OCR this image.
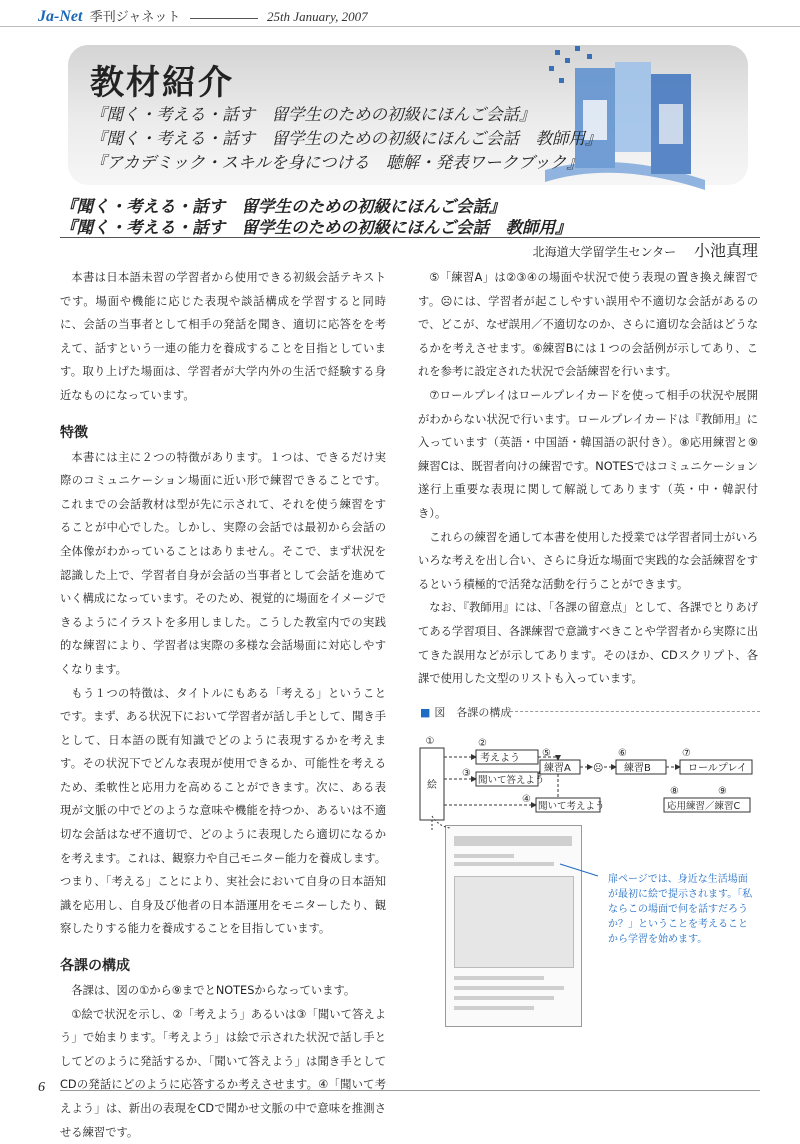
Ja-Net 季刊ジャネット	25th January, 2007
教材紹介
『聞く・考える・話す　留学生のための初級にほんご会話』
『聞く・考える・話す　留学生のための初級にほんご会話　教師用』
『アカデミック・スキルを身につける　聴解・発表ワークブック』
『聞く・考える・話す　留学生のための初級にほんご会話』
『聞く・考える・話す　留学生のための初級にほんご会話　教師用』
北海道大学留学生センター 小池真理

本書は日本語未習の学習者から使用できる初級会話テキストです。場面や機能に応じた表現や談話構成を学習すると同時に、会話の当事者として相手の発話を聞き、適切に応答をを考えて、話すという一連の能力を養成することを目指としています。取り上げた場面は、学習者が大学内外の生活で経験する身近なものになっています。

特徴

本書には主に２つの特徴があります。１つは、できるだけ実際のコミュニケーション場面に近い形で練習できることです。これまでの会話教材は型が先に示されて、それを使う練習をすることが中心でした。しかし、実際の会話では最初から会話の全体像がわかっていることはありません。そこで、まず状況を認識した上で、学習者自身が会話の当事者として会話を進めていく構成になっています。そのため、視覚的に場面をイメージできるようにイラストを多用しました。こうした教室内での実践的な練習により、学習者は実際の多様な会話場面に対応しやすくなります。

もう１つの特徴は、タイトルにもある「考える」ということです。まず、ある状況下において学習者が話し手として、聞き手として、日本語の既有知識でどのように表現するかを考えます。その状況下でどんな表現が使用できるか、可能性を考えるため、柔軟性と応用力を高めることができます。次に、ある表現が文脈の中でどのような意味や機能を持つか、あるいは不適切な会話はなぜ不適切で、どのように表現したら適切になるかを考えます。これは、観察力や自己モニター能力を養成します。つまり、「考える」ことにより、実社会において自身の日本語知識を応用し、自身及び他者の日本語運用をモニターしたり、観察したりする能力を養成することを目指しています。

各課の構成

各課は、図の①から⑨までとNOTESからなっています。

①絵で状況を示し、②「考えよう」あるいは③「聞いて答えよう」で始まります。「考えよう」は絵で示された状況で話し手としてどのように発話するか、「聞いて答えよう」は聞き手としてCDの発話にどのように応答するか考えさせます。④「聞いて考えよう」は、新出の表現をCDで聞かせ文脈の中で意味を推測させる練習です。

⑤「練習A」は②③④の場面や状況で使う表現の置き換え練習です。☹には、学習者が起こしやすい誤用や不適切な会話があるので、どこが、なぜ誤用／不適切なのか、さらに適切な会話はどうなるかを考えさせます。⑥練習Bには１つの会話例が示してあり、これを参考に設定された状況で会話練習を行います。

⑦ロールプレイはロールプレイカードを使って相手の状況や展開がわからない状況で行います。ロールプレイカードは『教師用』に入っています（英語・中国語・韓国語の訳付き）。⑧応用練習と⑨練習Cは、既習者向けの練習です。NOTESではコミュニケーション遂行上重要な表現に関して解説してあります（英・中・韓訳付き）。

これらの練習を通して本書を使用した授業では学習者同士がいろいろな考えを出し合い、さらに身近な場面で実践的な会話練習をするという積極的で活発な活動を行うことができます。

なお、『教師用』には、「各課の留意点」として、各課でとりあげてある学習項目、各課練習で意識すべきことや学習者から実際に出てきた誤用などが示してあります。そのほか、CDスクリプト、各課で使用した文型のリストも入っています。

■ 図　各課の構成
①
絵
②
考えよう
③
聞いて答えよう
④
聞いて考えよう
⑤
練習A ☹
⑥
練習B
⑦
ロールプレイ
⑧	⑨
応用練習／練習C
扉ページでは、身近な生活場面が最初に絵で提示されます。「私ならこの場面で何を話すだろうか？」ということを考えることから学習を始めます。
6
